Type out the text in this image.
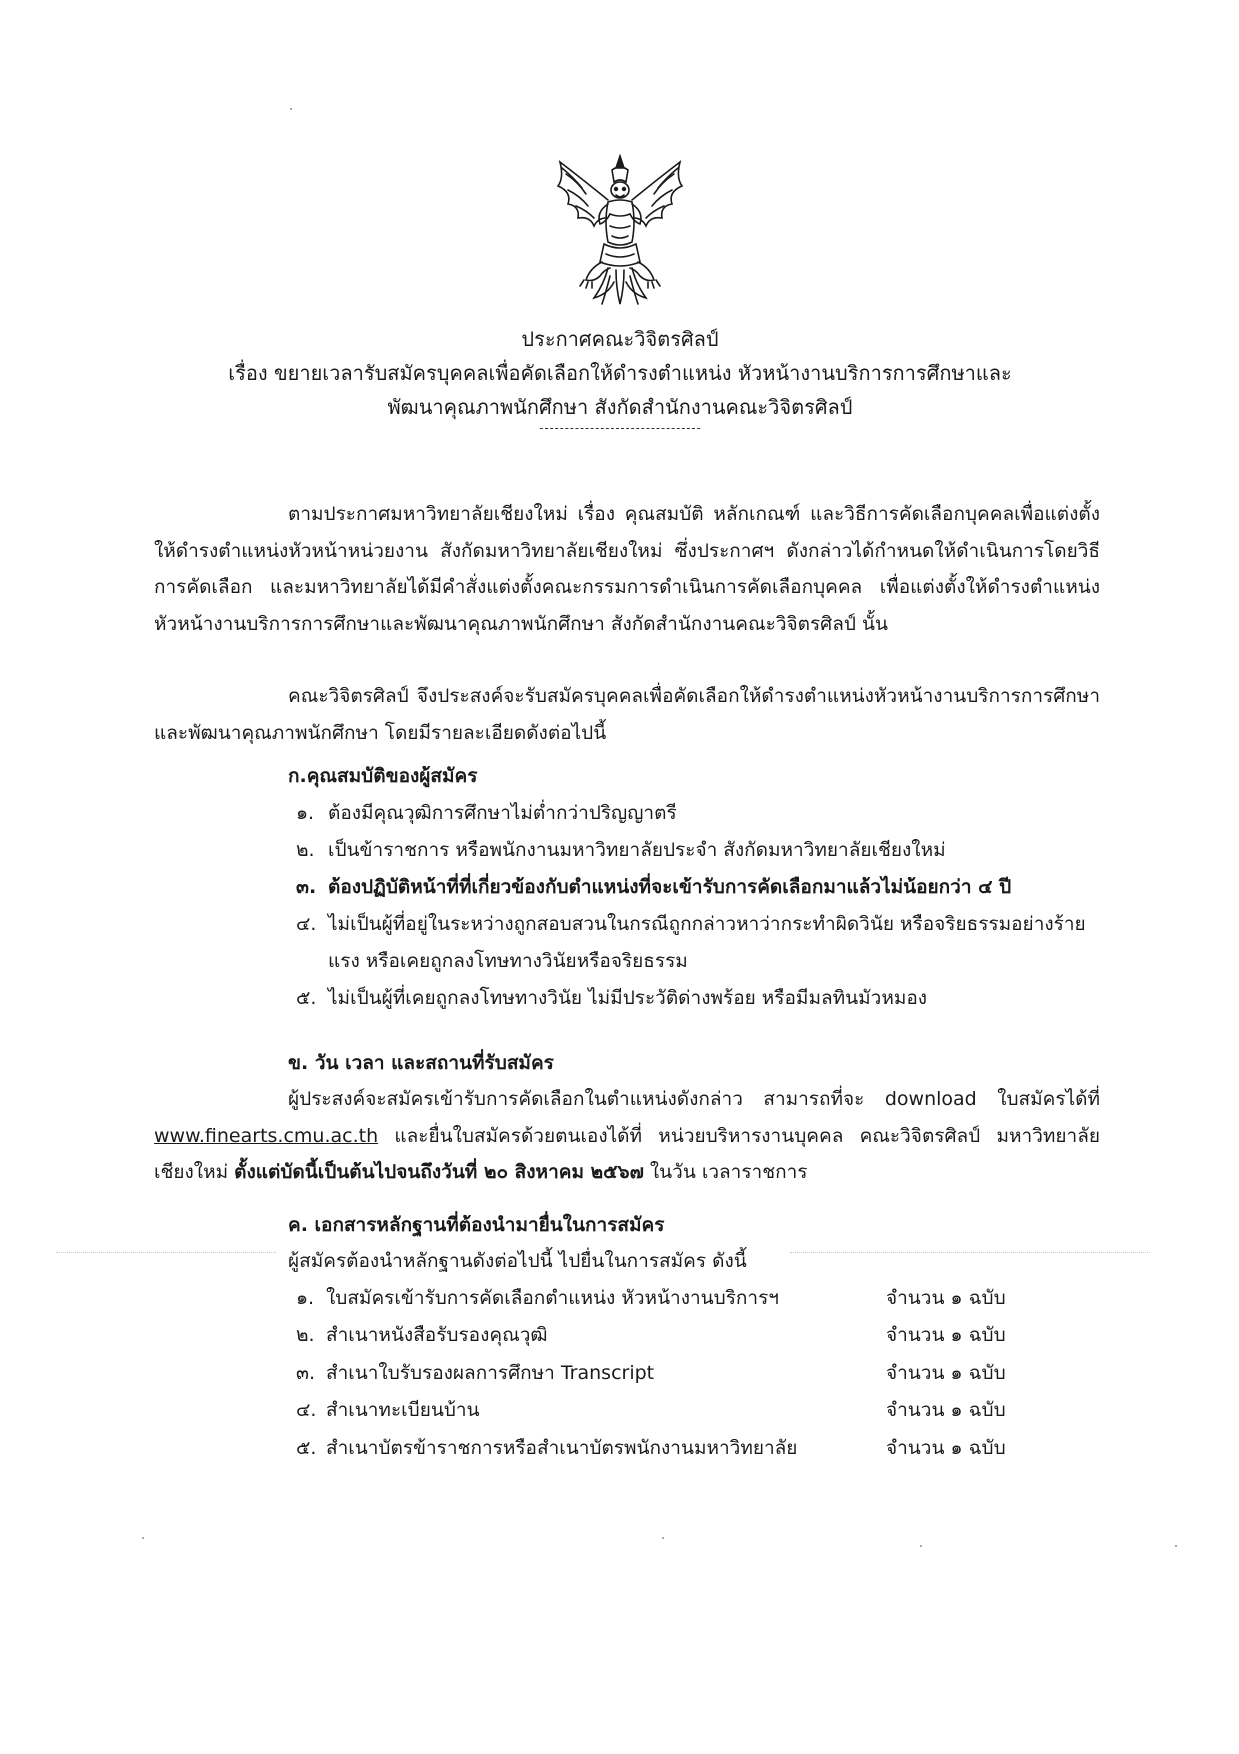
ประกาศคณะวิจิตรศิลป์
เรื่อง ขยายเวลารับสมัครบุคคลเพื่อคัดเลือกให้ดำรงตำแหน่ง หัวหน้างานบริการการศึกษาและ
พัฒนาคุณภาพนักศึกษา สังกัดสำนักงานคณะวิจิตรศิลป์
ตามประกาศมหาวิทยาลัยเชียงใหม่ เรื่อง คุณสมบัติ หลักเกณฑ์ และวิธีการคัดเลือกบุคคลเพื่อแต่งตั้งให้ดำรงตำแหน่งหัวหน้าหน่วยงาน สังกัดมหาวิทยาลัยเชียงใหม่ ซึ่งประกาศฯ ดังกล่าวได้กำหนดให้ดำเนินการโดยวิธีการคัดเลือก และมหาวิทยาลัยได้มีคำสั่งแต่งตั้งคณะกรรมการดำเนินการคัดเลือกบุคคล เพื่อแต่งตั้งให้ดำรงตำแหน่งหัวหน้างานบริการการศึกษาและพัฒนาคุณภาพนักศึกษา สังกัดสำนักงานคณะวิจิตรศิลป์ นั้น
คณะวิจิตรศิลป์ จึงประสงค์จะรับสมัครบุคคลเพื่อคัดเลือกให้ดำรงตำแหน่งหัวหน้างานบริการการศึกษาและพัฒนาคุณภาพนักศึกษา โดยมีรายละเอียดดังต่อไปนี้
ก.คุณสมบัติของผู้สมัคร
๑. ต้องมีคุณวุฒิการศึกษาไม่ต่ำกว่าปริญญาตรี
๒. เป็นข้าราชการ หรือพนักงานมหาวิทยาลัยประจำ สังกัดมหาวิทยาลัยเชียงใหม่
๓. ต้องปฏิบัติหน้าที่ที่เกี่ยวข้องกับตำแหน่งที่จะเข้ารับการคัดเลือกมาแล้วไม่น้อยกว่า ๔ ปี
๔. ไม่เป็นผู้ที่อยู่ในระหว่างถูกสอบสวนในกรณีถูกกล่าวหาว่ากระทำผิดวินัย หรือจริยธรรมอย่างร้ายแรง หรือเคยถูกลงโทษทางวินัยหรือจริยธรรม
๕. ไม่เป็นผู้ที่เคยถูกลงโทษทางวินัย ไม่มีประวัติด่างพร้อย หรือมีมลทินมัวหมอง
ข. วัน เวลา และสถานที่รับสมัคร
ผู้ประสงค์จะสมัครเข้ารับการคัดเลือกในตำแหน่งดังกล่าว สามารถที่จะ download ใบสมัครได้ที่ www.finearts.cmu.ac.th และยื่นใบสมัครด้วยตนเองได้ที่ หน่วยบริหารงานบุคคล คณะวิจิตรศิลป์ มหาวิทยาลัยเชียงใหม่ ตั้งแต่บัดนี้เป็นต้นไปจนถึงวันที่ ๒๐ สิงหาคม ๒๕๖๗ ในวัน เวลาราชการ
ค. เอกสารหลักฐานที่ต้องนำมายื่นในการสมัคร
ผู้สมัครต้องนำหลักฐานดังต่อไปนี้ ไปยื่นในการสมัคร ดังนี้
๑. ใบสมัครเข้ารับการคัดเลือกตำแหน่ง หัวหน้างานบริการฯ	จำนวน ๑ ฉบับ
๒. สำเนาหนังสือรับรองคุณวุฒิ	จำนวน ๑ ฉบับ
๓. สำเนาใบรับรองผลการศึกษา Transcript	จำนวน ๑ ฉบับ
๔. สำเนาทะเบียนบ้าน	จำนวน ๑ ฉบับ
๕. สำเนาบัตรข้าราชการหรือสำเนาบัตรพนักงานมหาวิทยาลัย	จำนวน ๑ ฉบับ
